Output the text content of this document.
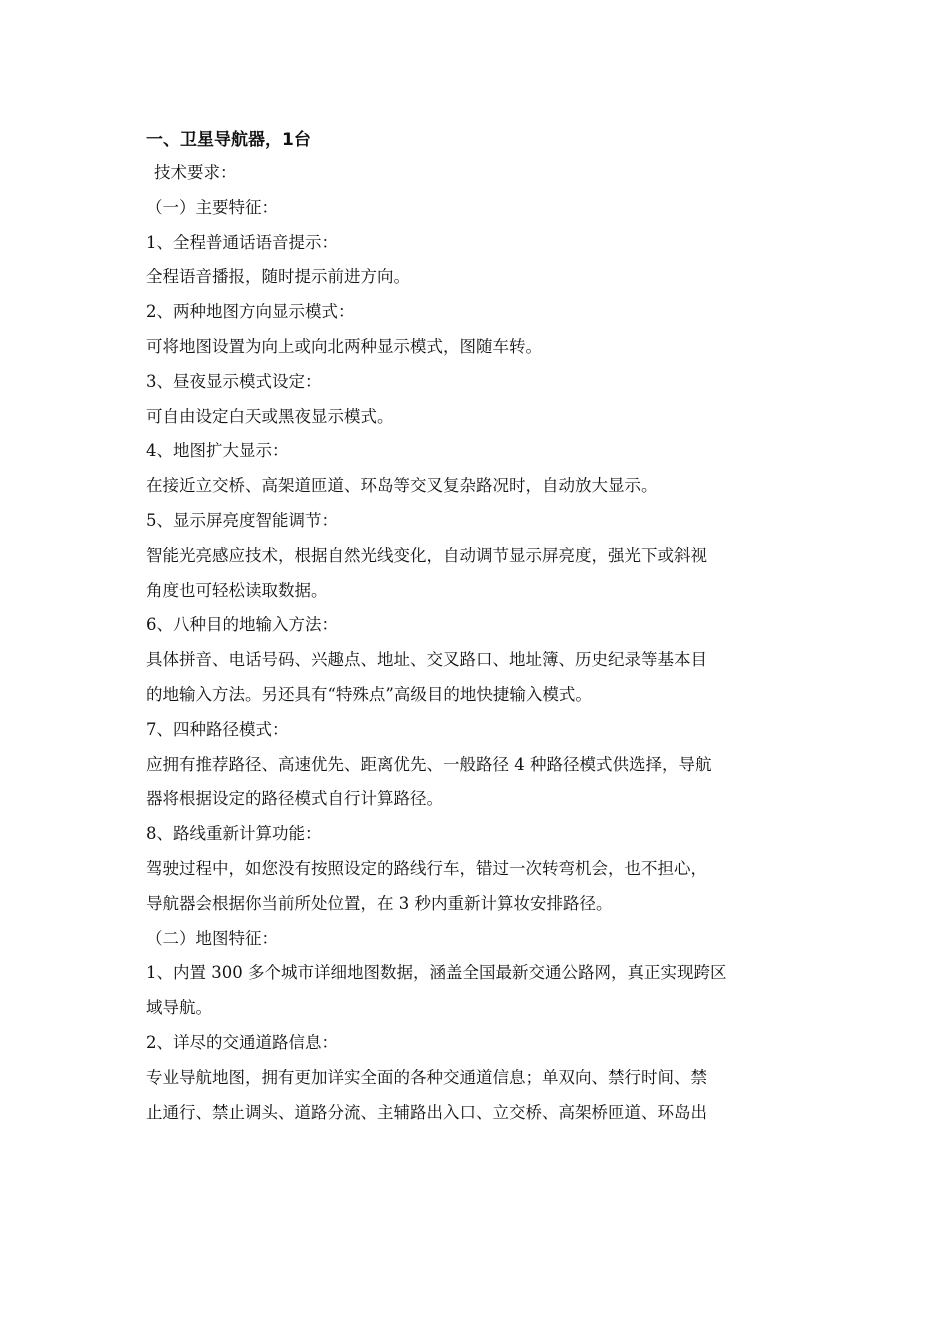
一、卫星导航器，1台
技术要求：
（一）主要特征：
1、全程普通话语音提示：
全程语音播报，随时提示前进方向。
2、两种地图方向显示模式：
可将地图设置为向上或向北两种显示模式，图随车转。
3、昼夜显示模式设定：
可自由设定白天或黑夜显示模式。
4、地图扩大显示：
在接近立交桥、高架道匝道、环岛等交叉复杂路况时，自动放大显示。
5、显示屏亮度智能调节：
智能光亮感应技术，根据自然光线变化，自动调节显示屏亮度，强光下或斜视
角度也可轻松读取数据。
6、八种目的地输入方法：
具体拼音、电话号码、兴趣点、地址、交叉路口、地址簿、历史纪录等基本目
的地输入方法。另还具有“特殊点”高级目的地快捷输入模式。
7、四种路径模式：
应拥有推荐路径、高速优先、距离优先、一般路径 4 种路径模式供选择，导航
器将根据设定的路径模式自行计算路径。
8、路线重新计算功能：
驾驶过程中，如您没有按照设定的路线行车，错过一次转弯机会，也不担心，
导航器会根据你当前所处位置，在 3 秒内重新计算妆安排路径。
（二）地图特征：
1、内置 300 多个城市详细地图数据，涵盖全国最新交通公路网，真正实现跨区
域导航。
2、详尽的交通道路信息：
专业导航地图，拥有更加详实全面的各种交通道信息；单双向、禁行时间、禁
止通行、禁止调头、道路分流、主辅路出入口、立交桥、高架桥匝道、环岛出
